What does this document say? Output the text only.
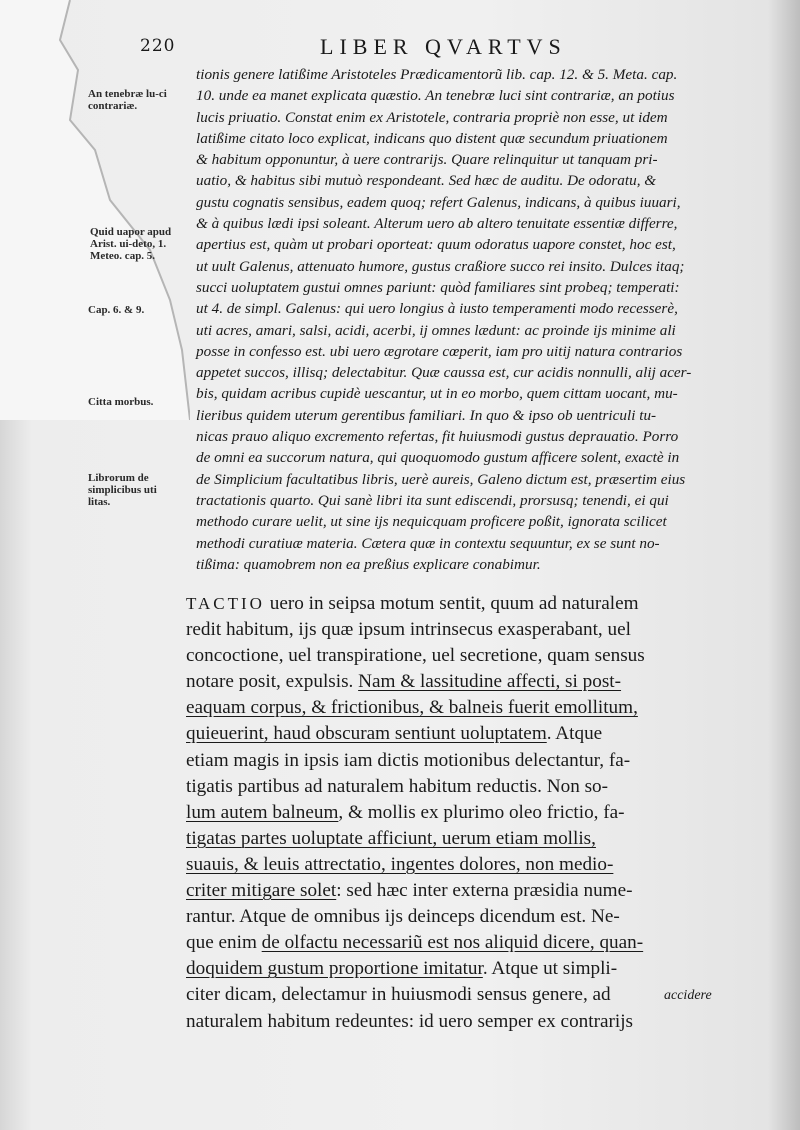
220	LIBER QVARTVS
An tenebræ lu-ci contrariæ.
Quid uapor apud Arist. ui-deto, 1. Meteo. cap. 5.
Cap. 6. & 9.
Citta morbus.
Librorum de simplicibus uti litas.
tionis genere latißime Aristoteles Prædicamentorũ lib. cap. 12. & 5. Meta. cap.
10. unde ea manet explicata quæstio. An tenebræ luci sint contrariæ, an potius
lucis priuatio. Constat enim ex Aristotele, contraria propriè non esse, ut idem
latißime citato loco explicat, indicans quo distent quæ secundum priuationem
& habitum opponuntur, à uere contrarijs. Quare relinquitur ut tanquam pri-
uatio, & habitus sibi mutuò respondeant. Sed hæc de auditu. De odoratu, &
gustu cognatis sensibus, eadem quoq; refert Galenus, indicans, à quibus iuuari,
& à quibus lædi ipsi soleant. Alterum uero ab altero tenuitate essentiæ differre,
apertius est, quàm ut probari oporteat: quum odoratus uapore constet, hoc est,
ut uult Galenus, attenuato humore, gustus craßiore succo rei insito. Dulces itaq;
succi uoluptatem gustui omnes pariunt: quòd familiares sint probeq; temperati:
ut 4. de simpl. Galenus: qui uero longius à iusto temperamenti modo recesserè,
uti acres, amari, salsi, acidi, acerbi, ij omnes lædunt: ac proinde ijs minime ali
posse in confesso est. ubi uero ægrotare cœperit, iam pro uitij natura contrarios
appetet succos, illisq; delectabitur. Quæ caussa est, cur acidis nonnulli, alij acer-
bis, quidam acribus cupidè uescantur, ut in eo morbo, quem cittam uocant, mu-
lieribus quidem uterum gerentibus familiari. In quo & ipso ob uentriculi tu-
nicas prauo aliquo excremento refertas, fit huiusmodi gustus deprauatio. Porro
de omni ea succorum natura, qui quoquomodo gustum afficere solent, exactè in
de Simplicium facultatibus libris, uerè aureis, Galeno dictum est, præsertim eius
tractationis quarto. Qui sanè libri ita sunt ediscendi, prorsusq; tenendi, ei qui
methodo curare uelit, ut sine ijs nequicquam proficere poßit, ignorata scilicet
methodi curatiuæ materia. Cætera quæ in contextu sequuntur, ex se sunt no-
tißima: quamobrem non ea preßius explicare conabimur.
TACTIO uero in seipsa motum sentit, quum ad naturalem
redit habitum, ijs quæ ipsum intrinsecus exasperabant, uel
concoctione, uel transpiratione, uel secretione, quam sensus
notare posit, expulsis. Nam & lassitudine affecti, si post-
eaquam corpus, & frictionibus, & balneis fuerit emollitum,
quieuerint, haud obscuram sentiunt uoluptatem. Atque
etiam magis in ipsis iam dictis motionibus delectantur, fa-
tigatis partibus ad naturalem habitum reductis. Non so-
lum autem balneum, & mollis ex plurimo oleo frictio, fa-
tigatas partes uoluptate afficiunt, uerum etiam mollis,
suauis, & leuis attrectatio, ingentes dolores, non medio-
criter mitigare solet: sed hæc inter externa præsidia nume-
rantur. Atque de omnibus ijs deinceps dicendum est. Ne-
que enim de olfactu necessariũ est nos aliquid dicere, quan-
doquidem gustum proportione imitatur. Atque ut simpli-
citer dicam, delectamur in huiusmodi sensus genere, ad
naturalem habitum redeuntes: id uero semper ex contrarijs
accidere
